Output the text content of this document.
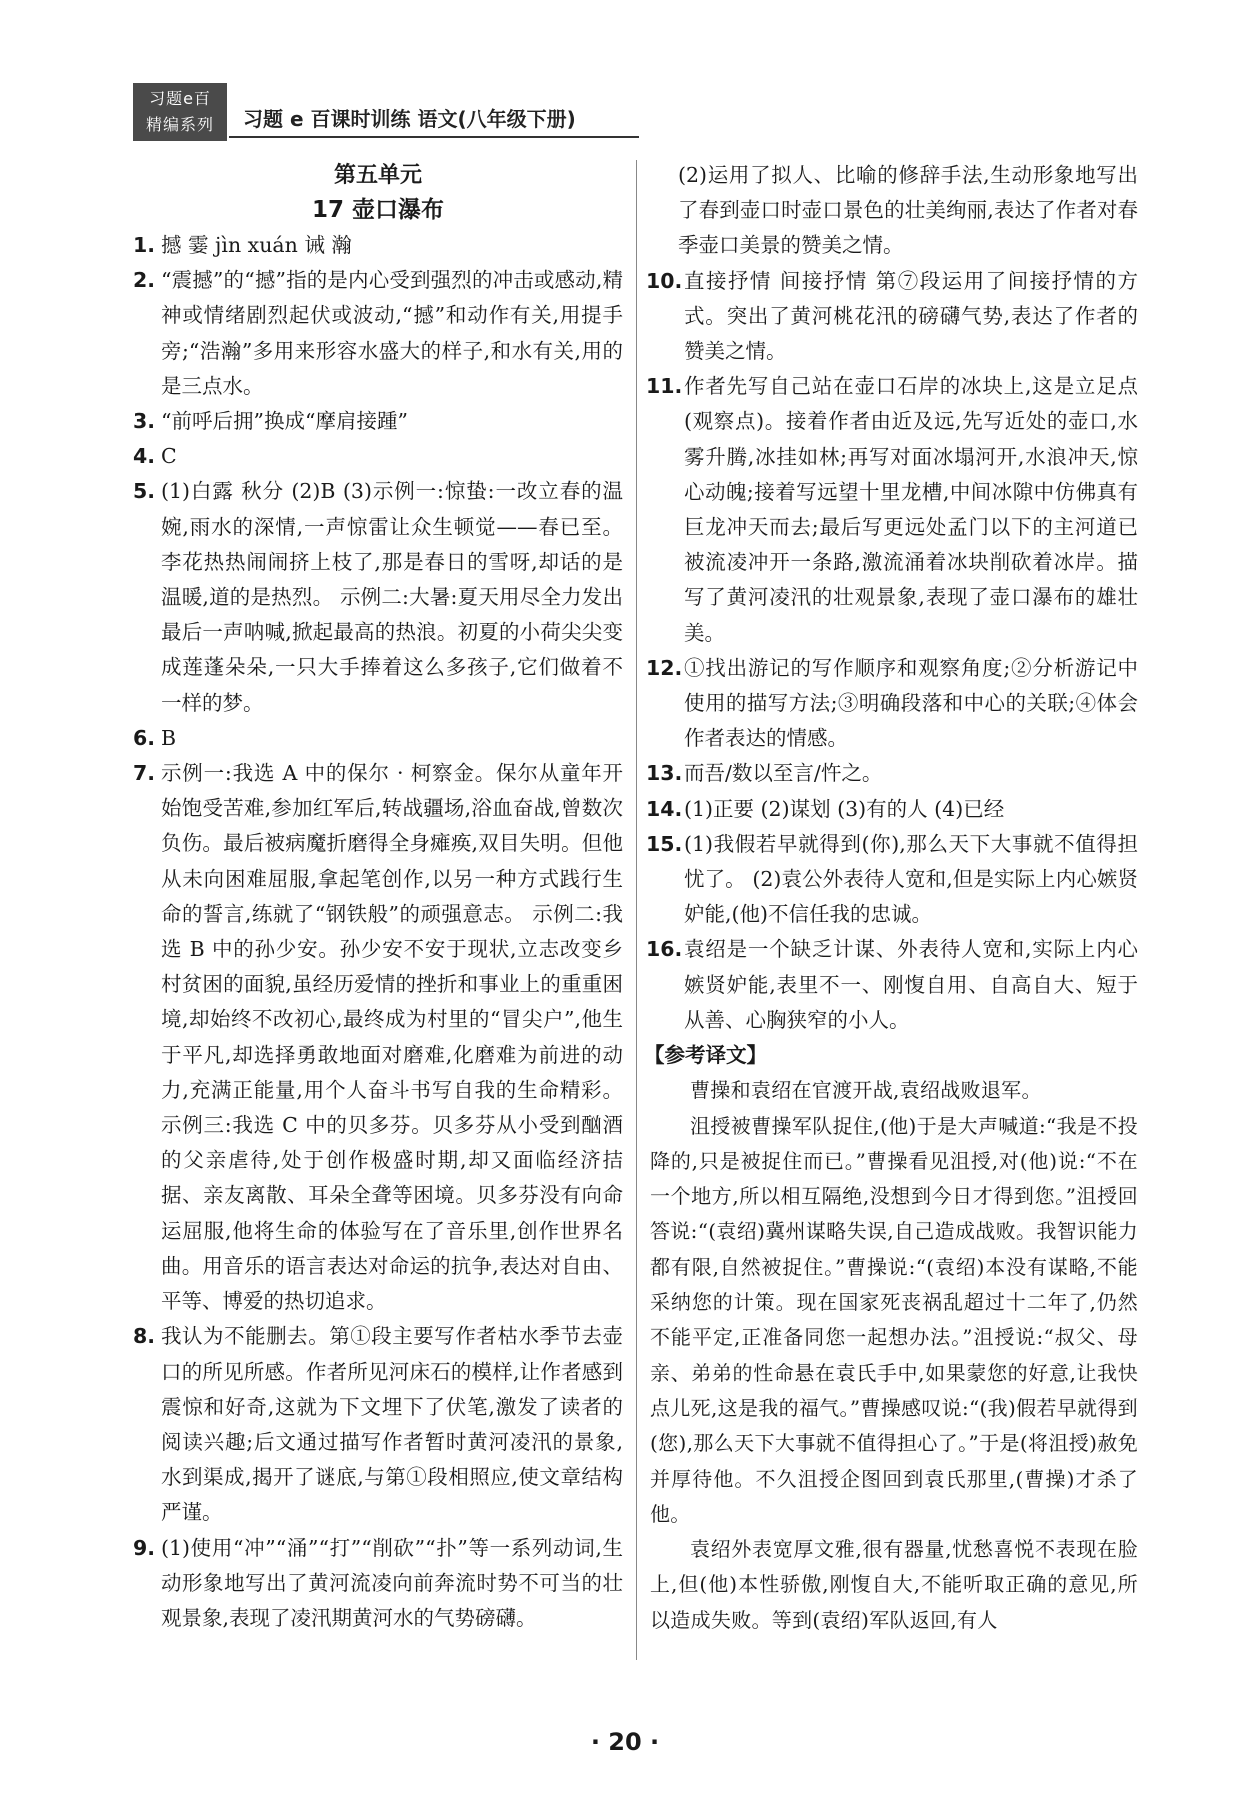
习题e百
精编系列	习题 e 百课时训练 语文(八年级下册)
第五单元
17 壶口瀑布
1. 撼 霎 jìn xuán 诫 瀚
2. “震撼”的“撼”指的是内心受到强烈的冲击或感动,精神或情绪剧烈起伏或波动,“撼”和动作有关,用提手旁;“浩瀚”多用来形容水盛大的样子,和水有关,用的是三点水。
3. “前呼后拥”换成“摩肩接踵”
4. C
5. (1)白露 秋分 (2)B (3)示例一:惊蛰:一改立春的温婉,雨水的深情,一声惊雷让众生顿觉——春已至。李花热热闹闹挤上枝了,那是春日的雪呀,却话的是温暖,道的是热烈。 示例二:大暑:夏天用尽全力发出最后一声呐喊,掀起最高的热浪。初夏的小荷尖尖变成莲蓬朵朵,一只大手捧着这么多孩子,它们做着不一样的梦。
6. B
7. 示例一:我选 A 中的保尔 · 柯察金。保尔从童年开始饱受苦难,参加红军后,转战疆场,浴血奋战,曾数次负伤。最后被病魔折磨得全身瘫痪,双目失明。但他从未向困难屈服,拿起笔创作,以另一种方式践行生命的誓言,练就了“钢铁般”的顽强意志。 示例二:我选 B 中的孙少安。孙少安不安于现状,立志改变乡村贫困的面貌,虽经历爱情的挫折和事业上的重重困境,却始终不改初心,最终成为村里的“冒尖户”,他生于平凡,却选择勇敢地面对磨难,化磨难为前进的动力,充满正能量,用个人奋斗书写自我的生命精彩。 示例三:我选 C 中的贝多芬。贝多芬从小受到酗酒的父亲虐待,处于创作极盛时期,却又面临经济拮据、亲友离散、耳朵全聋等困境。贝多芬没有向命运屈服,他将生命的体验写在了音乐里,创作世界名曲。用音乐的语言表达对命运的抗争,表达对自由、平等、博爱的热切追求。
8. 我认为不能删去。第①段主要写作者枯水季节去壶口的所见所感。作者所见河床石的模样,让作者感到震惊和好奇,这就为下文埋下了伏笔,激发了读者的阅读兴趣;后文通过描写作者暂时黄河凌汛的景象,水到渠成,揭开了谜底,与第①段相照应,使文章结构严谨。
9. (1)使用“冲”“涌”“打”“削砍”“扑”等一系列动词,生动形象地写出了黄河流凌向前奔流时势不可当的壮观景象,表现了凌汛期黄河水的气势磅礴。
(2)运用了拟人、比喻的修辞手法,生动形象地写出了春到壶口时壶口景色的壮美绚丽,表达了作者对春季壶口美景的赞美之情。
10. 直接抒情 间接抒情 第⑦段运用了间接抒情的方式。突出了黄河桃花汛的磅礴气势,表达了作者的赞美之情。
11. 作者先写自己站在壶口石岸的冰块上,这是立足点(观察点)。接着作者由近及远,先写近处的壶口,水雾升腾,冰挂如林;再写对面冰塌河开,水浪冲天,惊心动魄;接着写远望十里龙槽,中间冰隙中仿佛真有巨龙冲天而去;最后写更远处孟门以下的主河道已被流凌冲开一条路,激流涌着冰块削砍着冰岸。描写了黄河凌汛的壮观景象,表现了壶口瀑布的雄壮美。
12. ①找出游记的写作顺序和观察角度;②分析游记中使用的描写方法;③明确段落和中心的关联;④体会作者表达的情感。
13. 而吾/数以至言/忤之。
14. (1)正要 (2)谋划 (3)有的人 (4)已经
15. (1)我假若早就得到(你),那么天下大事就不值得担忧了。 (2)袁公外表待人宽和,但是实际上内心嫉贤妒能,(他)不信任我的忠诚。
16. 袁绍是一个缺乏计谋、外表待人宽和,实际上内心嫉贤妒能,表里不一、刚愎自用、自高自大、短于从善、心胸狭窄的小人。
【参考译文】
曹操和袁绍在官渡开战,袁绍战败退军。
沮授被曹操军队捉住,(他)于是大声喊道:“我是不投降的,只是被捉住而已。”曹操看见沮授,对(他)说:“不在一个地方,所以相互隔绝,没想到今日才得到您。”沮授回答说:“(袁绍)冀州谋略失误,自己造成战败。我智识能力都有限,自然被捉住。”曹操说:“(袁绍)本没有谋略,不能采纳您的计策。现在国家死丧祸乱超过十二年了,仍然不能平定,正准备同您一起想办法。”沮授说:“叔父、母亲、弟弟的性命悬在袁氏手中,如果蒙您的好意,让我快点儿死,这是我的福气。”曹操感叹说:“(我)假若早就得到(您),那么天下大事就不值得担心了。”于是(将沮授)赦免并厚待他。不久沮授企图回到袁氏那里,(曹操)才杀了他。
袁绍外表宽厚文雅,很有器量,忧愁喜悦不表现在脸上,但(他)本性骄傲,刚愎自大,不能听取正确的意见,所以造成失败。等到(袁绍)军队返回,有人
· 20 ·
